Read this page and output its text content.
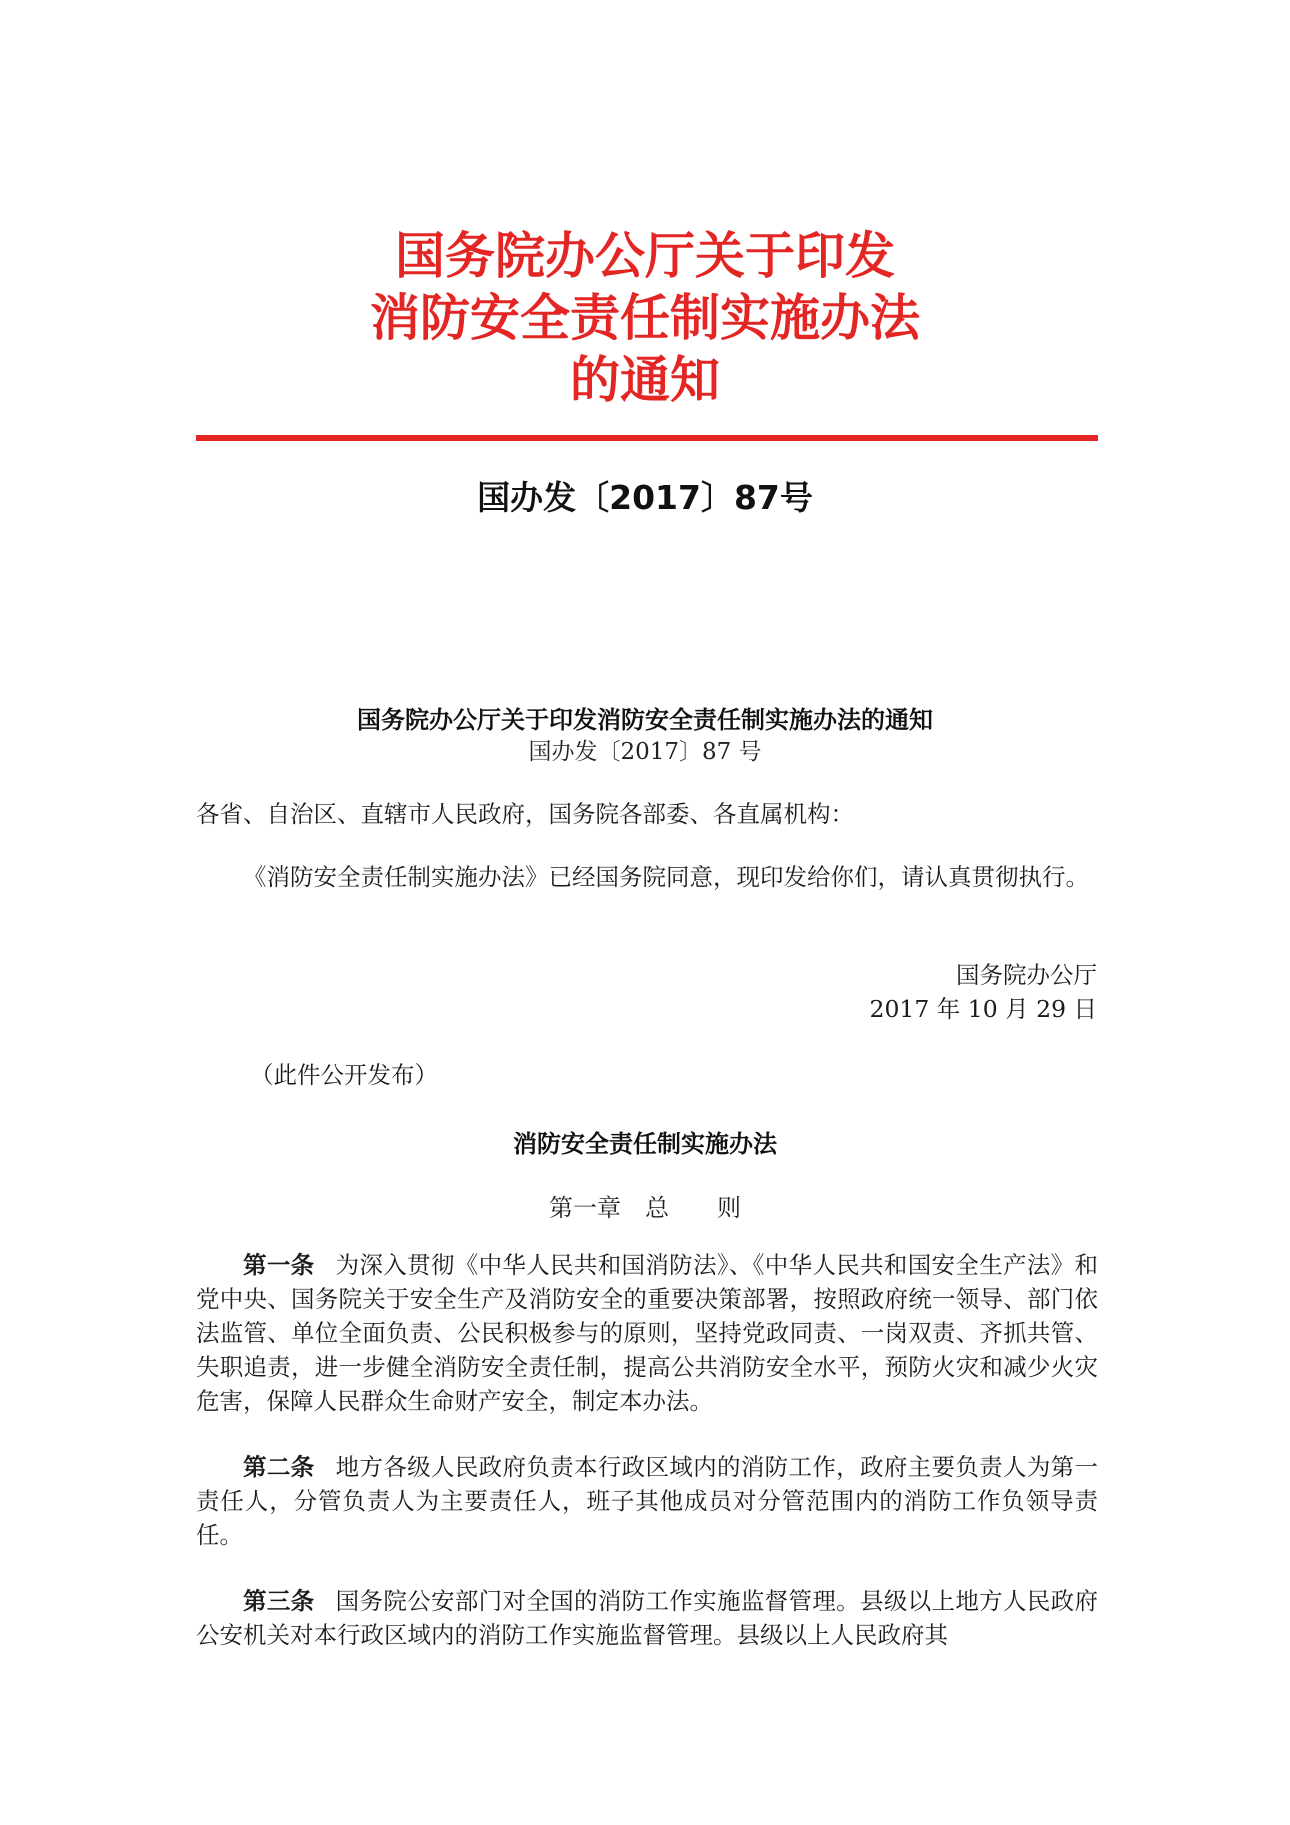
国务院办公厅关于印发
消防安全责任制实施办法
的通知
国办发〔2017〕87号
国务院办公厅关于印发消防安全责任制实施办法的通知
国办发〔2017〕87 号
各省、自治区、直辖市人民政府，国务院各部委、各直属机构：
《消防安全责任制实施办法》已经国务院同意，现印发给你们，请认真贯彻执行。
国务院办公厅
2017 年 10 月 29 日
（此件公开发布）
消防安全责任制实施办法
第一章　总　　则
第一条 为深入贯彻《中华人民共和国消防法》、《中华人民共和国安全生产法》和党中央、国务院关于安全生产及消防安全的重要决策部署，按照政府统一领导、部门依法监管、单位全面负责、公民积极参与的原则，坚持党政同责、一岗双责、齐抓共管、失职追责，进一步健全消防安全责任制，提高公共消防安全水平，预防火灾和减少火灾危害，保障人民群众生命财产安全，制定本办法。
第二条 地方各级人民政府负责本行政区域内的消防工作，政府主要负责人为第一责任人，分管负责人为主要责任人，班子其他成员对分管范围内的消防工作负领导责任。
第三条 国务院公安部门对全国的消防工作实施监督管理。县级以上地方人民政府公安机关对本行政区域内的消防工作实施监督管理。县级以上人民政府其
